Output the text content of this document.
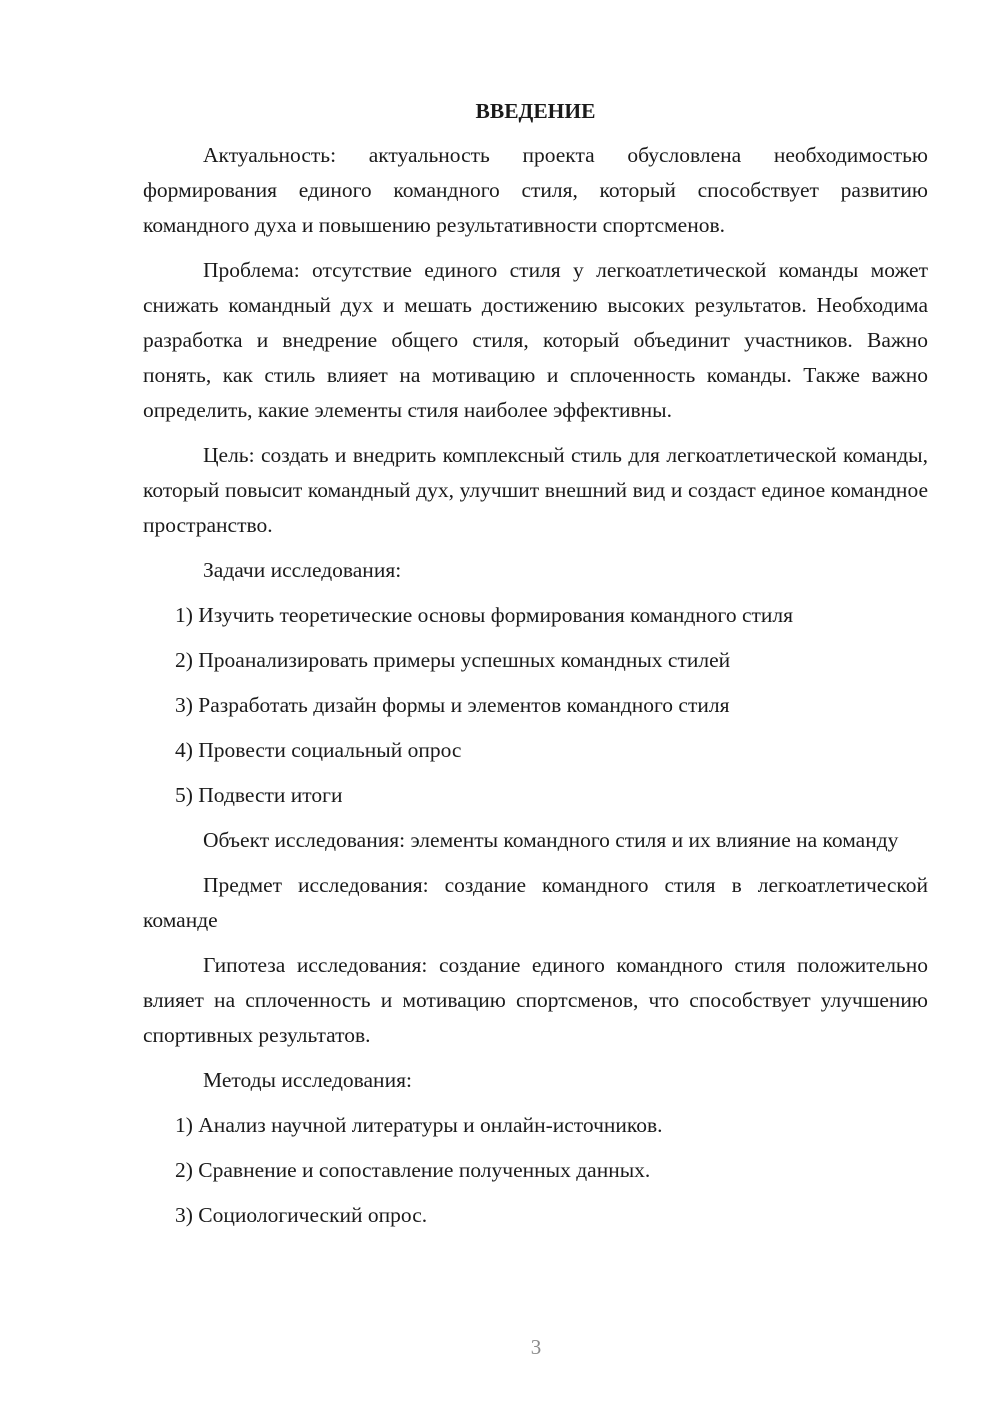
ВВЕДЕНИЕ

Актуальность: актуальность проекта обусловлена необходимостью формирования единого командного стиля, который способствует развитию командного духа и повышению результативности спортсменов.

Проблема: отсутствие единого стиля у легкоатлетической команды может снижать командный дух и мешать достижению высоких результатов. Необходима разработка и внедрение общего стиля, который объединит участников. Важно понять, как стиль влияет на мотивацию и сплоченность команды. Также важно определить, какие элементы стиля наиболее эффективны.

Цель: создать и внедрить комплексный стиль для легкоатлетической команды, который повысит командный дух, улучшит внешний вид и создаст единое командное пространство.

Задачи исследования:

1) Изучить теоретические основы формирования командного стиля

2) Проанализировать примеры успешных командных стилей

3) Разработать дизайн формы и элементов командного стиля

4) Провести социальный опрос

5) Подвести итоги

Объект исследования: элементы командного стиля и их влияние на команду

Предмет исследования: создание командного стиля в легкоатлетической команде

Гипотеза исследования: создание единого командного стиля положительно влияет на сплоченность и мотивацию спортсменов, что способствует улучшению спортивных результатов.

Методы исследования:

1) Анализ научной литературы и онлайн-источников.

2) Сравнение и сопоставление полученных данных.

3) Социологический опрос.

3
